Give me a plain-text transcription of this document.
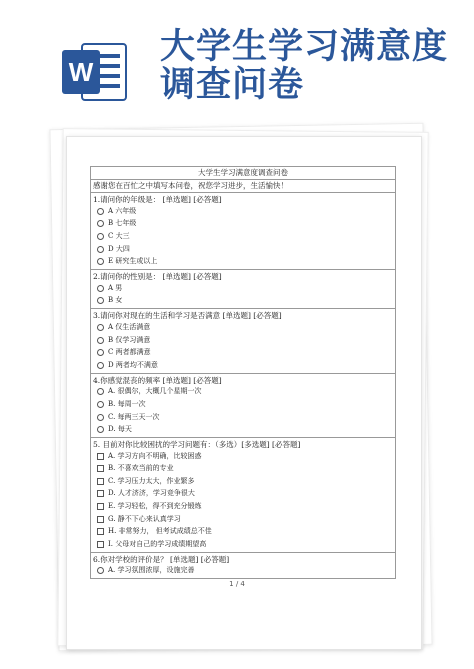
W
大学生学习满意度
调查问卷
大学生学习满意度调查问卷
感谢您在百忙之中填写本问卷，祝您学习进步，生活愉快！
1.请问你的年级是： [单选题] [必答题]
A 六年级
B 七年级
C 大三
D 大四
E 研究生或以上
2.请问你的性别是： [单选题] [必答题]
A 男
B 女
3.请问你对现在的生活和学习是否满意 [单选题] [必答题]
A 仅生活满意
B 仅学习满意
C 两者都满意
D 两者均不满意
4.你感觉混丧的频率 [单选题] [必答题]
A. 很偶尔，大概几个星期一次
B. 每周一次
C. 每两三天一次
D. 每天
5. 目前对你比较困扰的学习问题有：（多选）[多选题] [必答题]
A. 学习方向不明确，比较困惑
B. 不喜欢当前的专业
C. 学习压力太大，作业繁多
D. 人才济济，学习竞争很大
E. 学习轻松，得不到充分锻炼
G. 静不下心来认真学习
H. 非常努力， 但考试成绩总不佳
I. 父母对自己的学习成绩期望高
6.你对学校的评价是？ [单选题] [必答题]
A. 学习氛围浓厚，设施完善
1 / 4
